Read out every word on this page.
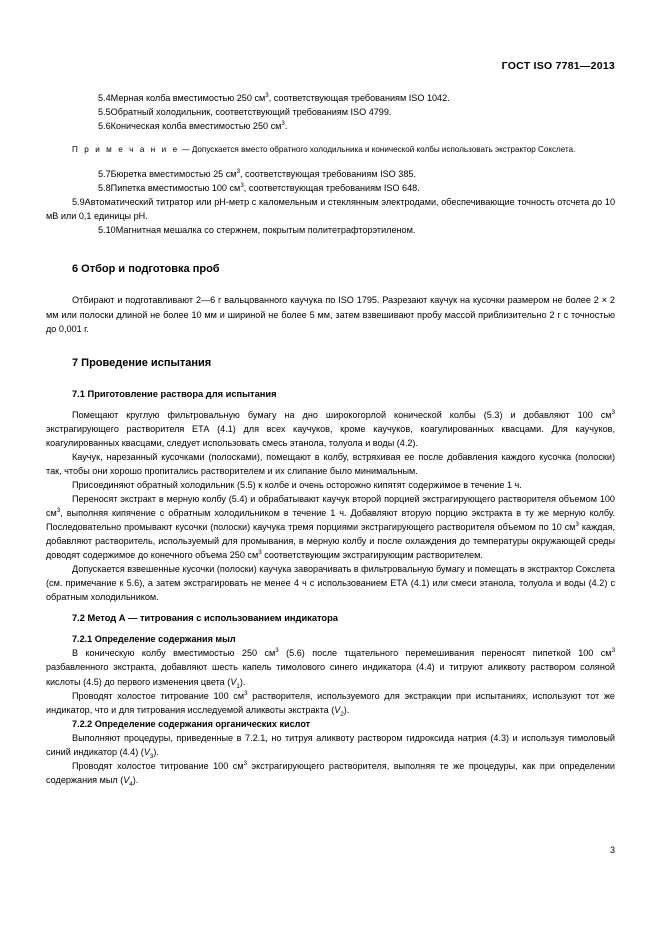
ГОСТ ISO 7781—2013

5.4Мерная колба вместимостью 250 $см^3$, соответствующая требованиям ISO 1042.

5.5Обратный холодильник, соответствующий требованиям ISO 4799.

5.6Коническая колба вместимостью 250 $см^3$.

П р и м е ч а н и е — Допускается вместо обратного холодильника и конической колбы использовать экстрактор Сокслета.

5.7Бюретка вместимостью 25 $см^3$, соответствующая требованиям ISO 385.

5.8Пипетка вместимостью 100 $см^3$, соответствующая требованиям ISO 648.

5.9Автоматический титратор или рН-метр с каломельным и стеклянным электродами, обеспечивающие точность отсчета до 10 мВ или 0,1 единицы рН.

5.10Магнитная мешалка со стержнем, покрытым политетрафторэтиленом.

6 Отбор и подготовка проб

Отбирают и подготавливают 2—6 г вальцованного каучука по ISO 1795. Разрезают каучук на кусочки размером не более 2 × 2 мм или полоски длиной не более 10 мм и шириной не более 5 мм, затем взвешивают пробу массой приблизительно 2 г с точностью до 0,001 г.

7 Проведение испытания
7.1 Приготовление раствора для испытания

Помещают круглую фильтровальную бумагу на дно широкогорлой конической колбы (5.3) и добавляют 100 $см^3$ экстрагирующего растворителя ЕТА (4.1) для всех каучуков, кроме каучуков, коагулированных квасцами. Для каучуков, коагулированных квасцами, следует использовать смесь этанола, толуола и воды (4.2).

Каучук, нарезанный кусочками (полосками), помещают в колбу, встряхивая ее после добавления каждого кусочка (полоски) так, чтобы они хорошо пропитались растворителем и их слипание было минимальным.

Присоединяют обратный холодильник (5.5) к колбе и очень осторожно кипятят содержимое в течение 1 ч.

Переносят экстракт в мерную колбу (5.4) и обрабатывают каучук второй порцией экстрагирующего растворителя объемом 100 $см^3$, выполняя кипячение с обратным холодильником в течение 1 ч. Добавляют вторую порцию экстракта в ту же мерную колбу. Последовательно промывают кусочки (полоски) каучука тремя порциями экстрагирующего растворителя объемом по 10 $см^3$ каждая, добавляют растворитель, используемый для промывания, в мерную колбу и после охлаждения до температуры окружающей среды доводят содержимое до конечного объема 250 $см^3$ соответствующим экстрагирующим растворителем.

Допускается взвешенные кусочки (полоски) каучука заворачивать в фильтровальную бумагу и помещать в экстрактор Сокслета (см. примечание к 5.6), а затем экстрагировать не менее 4 ч с использованием ЕТА (4.1) или смеси этанола, толуола и воды (4.2) с обратным холодильником.

7.2 Метод А — титрования с использованием индикатора
7.2.1 Определение содержания мыл

В коническую колбу вместимостью 250 $см^3$ (5.6) после тщательного перемешивания переносят пипеткой 100 $см^3$ разбавленного экстракта, добавляют шесть капель тимолового синего индикатора (4.4) и титруют аликвоту раствором соляной кислоты (4.5) до первого изменения цвета $(V_1)$.

Проводят холостое титрование 100 $см^3$ растворителя, используемого для экстракции при испытаниях, используют тот же индикатор, что и для титрования исследуемой аликвоты экстракта $(V_2)$.

7.2.2 Определение содержания органических кислот

Выполняют процедуры, приведенные в 7.2.1, но титруя аликвоту раствором гидроксида натрия (4.3) и используя тимоловый синий индикатор (4.4) $(V_3)$.

Проводят холостое титрование 100 $см^3$ экстрагирующего растворителя, выполняя те же процедуры, как при определении содержания мыл $(V_4)$.

3
